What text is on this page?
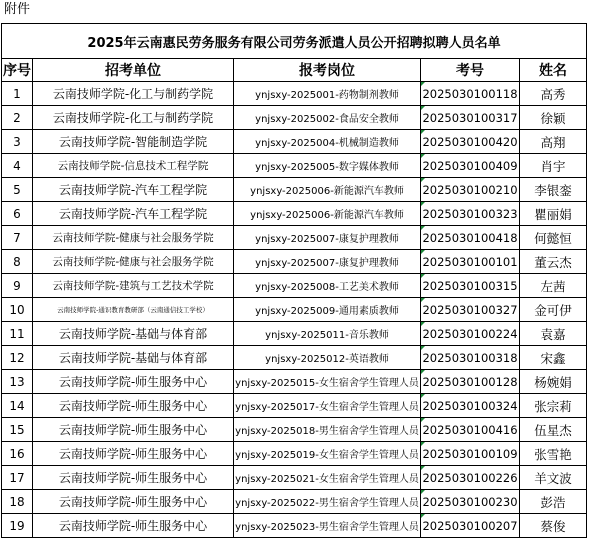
附件
2025年云南惠民劳务服务有限公司劳务派遣人员公开招聘拟聘人员名单				
序号	招考单位	报考岗位	考号	姓名
1	云南技师学院-化工与制药学院	ynjsxy-2025001-药物制剂教师	2025030100118	高秀
2	云南技师学院-化工与制药学院	ynjsxy-2025002-食品安全教师	2025030100317	徐颖
3	云南技师学院-智能制造学院	ynjsxy-2025004-机械制造教师	2025030100420	高翔
4	云南技师学院-信息技术工程学院	ynjsxy-2025005-数字媒体教师	2025030100409	肖宇
5	云南技师学院-汽车工程学院	ynjsxy-2025006-新能源汽车教师	2025030100210	李银銮
6	云南技师学院-汽车工程学院	ynjsxy-2025006-新能源汽车教师	2025030100323	瞿丽娟
7	云南技师学院-健康与社会服务学院	ynjsxy-2025007-康复护理教师	2025030100418	何懿恒
8	云南技师学院-健康与社会服务学院	ynjsxy-2025007-康复护理教师	2025030100101	董云杰
9	云南技师学院-建筑与工艺技术学院	ynjsxy-2025008-工艺美术教师	2025030100315	左茜
10	云南技师学院-通识教育教研部（云南通信技工学校）	ynjsxy-2025009-通用素质教师	2025030100327	金可伊
11	云南技师学院-基础与体育部	ynjsxy-2025011-音乐教师	2025030100224	袁嘉
12	云南技师学院-基础与体育部	ynjsxy-2025012-英语教师	2025030100318	宋鑫
13	云南技师学院-师生服务中心	ynjsxy-2025015-女生宿舍学生管理人员	2025030100128	杨婉娟
14	云南技师学院-师生服务中心	ynjsxy-2025017-女生宿舍学生管理人员	2025030100324	张宗莉
15	云南技师学院-师生服务中心	ynjsxy-2025018-男生宿舍学生管理人员	2025030100416	伍星杰
16	云南技师学院-师生服务中心	ynjsxy-2025019-女生宿舍学生管理人员	2025030100109	张雪艳
17	云南技师学院-师生服务中心	ynjsxy-2025021-女生宿舍学生管理人员	2025030100226	羊文波
18	云南技师学院-师生服务中心	ynjsxy-2025022-男生宿舍学生管理人员	2025030100230	彭浩
19	云南技师学院-师生服务中心	ynjsxy-2025023-男生宿舍学生管理人员	2025030100207	蔡俊
